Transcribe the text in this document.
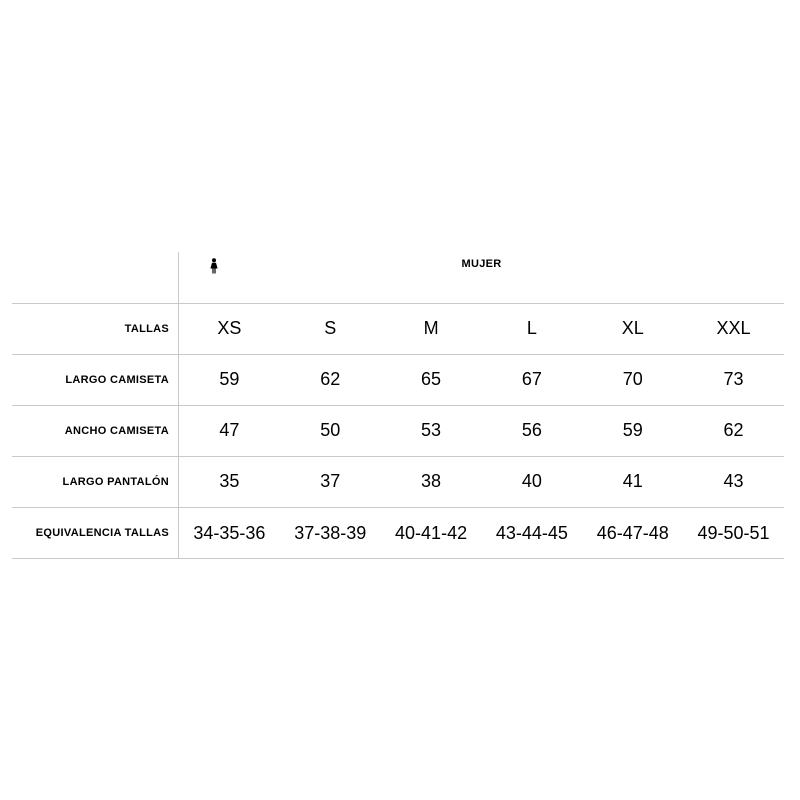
MUJER
TALLAS	XS	S	M	L	XL	XXL
LARGO CAMISETA	59	62	65	67	70	73
ANCHO CAMISETA	47	50	53	56	59	62
LARGO PANTALÓN	35	37	38	40	41	43
EQUIVALENCIA TALLAS	34-35-36	37-38-39	40-41-42	43-44-45	46-47-48	49-50-51
